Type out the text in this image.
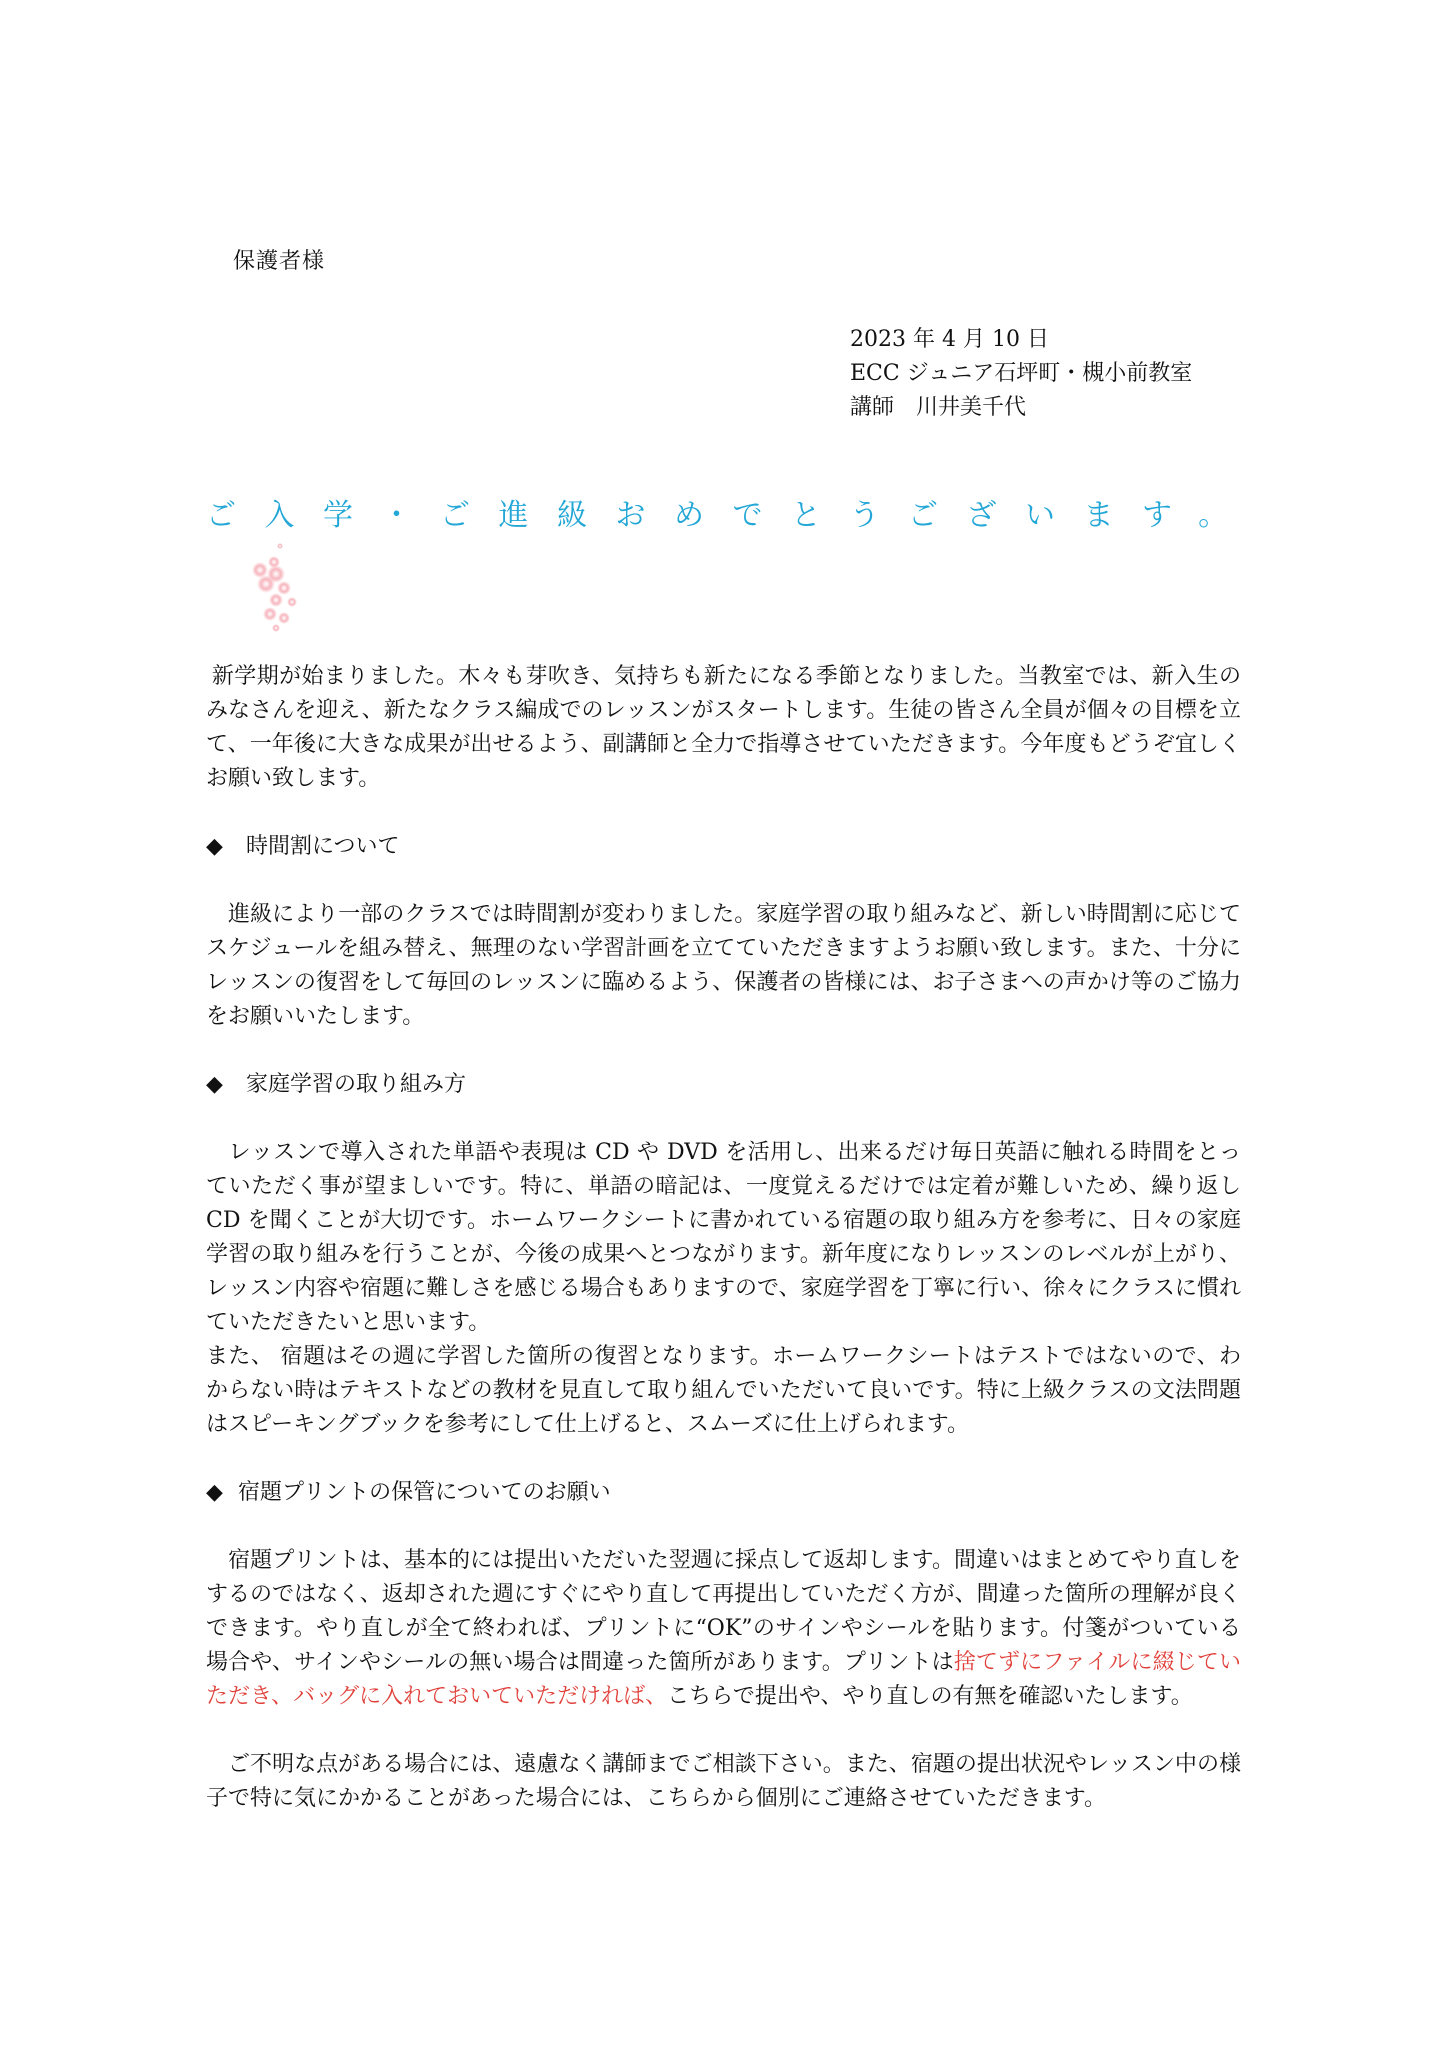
保護者様
2023 年 4 月 10 日
ECC ジュニア石坪町・槻小前教室
講師　川井美千代
ご入学・ご進級おめでとうございます。

 新学期が始まりました。木々も芽吹き、気持ちも新たになる季節となりました。当教室では、新入生のみなさんを迎え、新たなクラス編成でのレッスンがスタートします。生徒の皆さん全員が個々の目標を立て、一年後に大きな成果が出せるよう、副講師と全力で指導させていただきます。今年度もどうぞ宜しくお願い致します。

◆ 時間割について

　進級により一部のクラスでは時間割が変わりました。家庭学習の取り組みなど、新しい時間割に応じてスケジュールを組み替え、無理のない学習計画を立てていただきますようお願い致します。また、十分にレッスンの復習をして毎回のレッスンに臨めるよう、保護者の皆様には、お子さまへの声かけ等のご協力をお願いいたします。

◆ 家庭学習の取り組み方

　レッスンで導入された単語や表現は CD や DVD を活用し、出来るだけ毎日英語に触れる時間をとっていただく事が望ましいです。特に、単語の暗記は、一度覚えるだけでは定着が難しいため、繰り返し CD を聞くことが大切です。ホームワークシートに書かれている宿題の取り組み方を参考に、日々の家庭学習の取り組みを行うことが、今後の成果へとつながります。新年度になりレッスンのレベルが上がり、レッスン内容や宿題に難しさを感じる場合もありますので、家庭学習を丁寧に行い、徐々にクラスに慣れていただきたいと思います。

また、 宿題はその週に学習した箇所の復習となります。ホームワークシートはテストではないので、わからない時はテキストなどの教材を見直して取り組んでいただいて良いです。特に上級クラスの文法問題はスピーキングブックを参考にして仕上げると、スムーズに仕上げられます。

◆ 宿題プリントの保管についてのお願い

　宿題プリントは、基本的には提出いただいた翌週に採点して返却します。間違いはまとめてやり直しをするのではなく、返却された週にすぐにやり直して再提出していただく方が、間違った箇所の理解が良くできます。やり直しが全て終われば、プリントに“OK”のサインやシールを貼ります。付箋がついている場合や、サインやシールの無い場合は間違った箇所があります。プリントは捨てずにファイルに綴じていただき、バッグに入れておいていただければ、こちらで提出や、やり直しの有無を確認いたします。

　ご不明な点がある場合には、遠慮なく講師までご相談下さい。また、宿題の提出状況やレッスン中の様子で特に気にかかることがあった場合には、こちらから個別にご連絡させていただきます。
